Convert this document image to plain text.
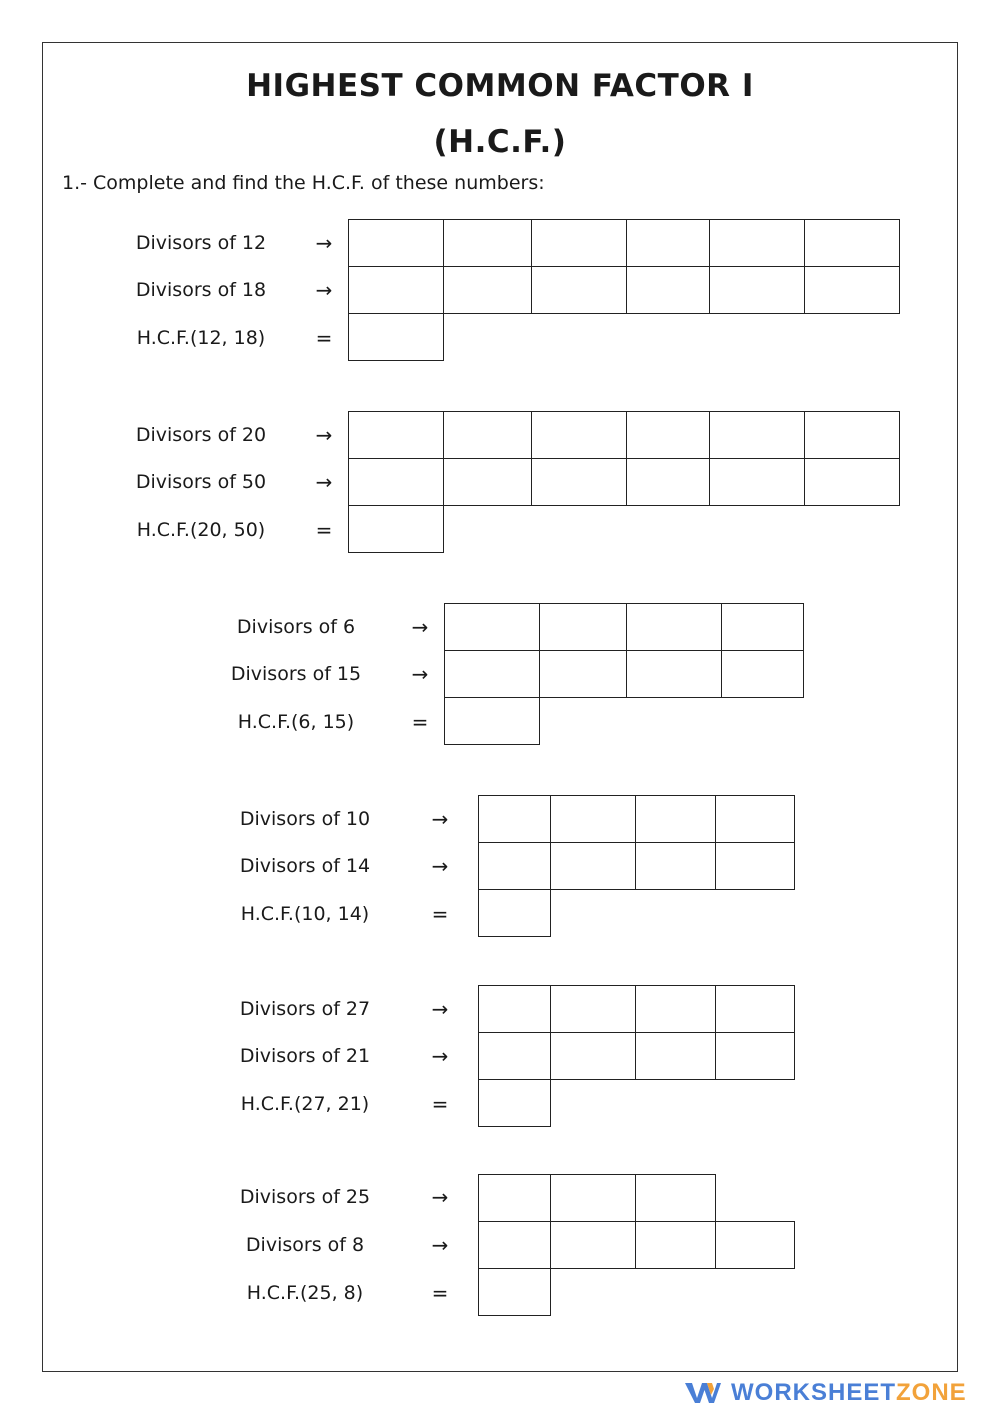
HIGHEST COMMON FACTOR I
(H.C.F.)
1.- Complete and find the H.C.F. of these numbers:
Divisors of 12
Divisors of 18
H.C.F.(12, 18)
→
→
=
Divisors of 20
Divisors of 50
H.C.F.(20, 50)
→
→
=
Divisors of 6
Divisors of 15
H.C.F.(6, 15)
→
→
=
Divisors of 10
Divisors of 14
H.C.F.(10, 14)
→
→
=
Divisors of 27
Divisors of 21
H.C.F.(27, 21)
→
→
=
Divisors of 25
Divisors of 8
H.C.F.(25, 8)
→
→
=
WORKSHEETZONE
